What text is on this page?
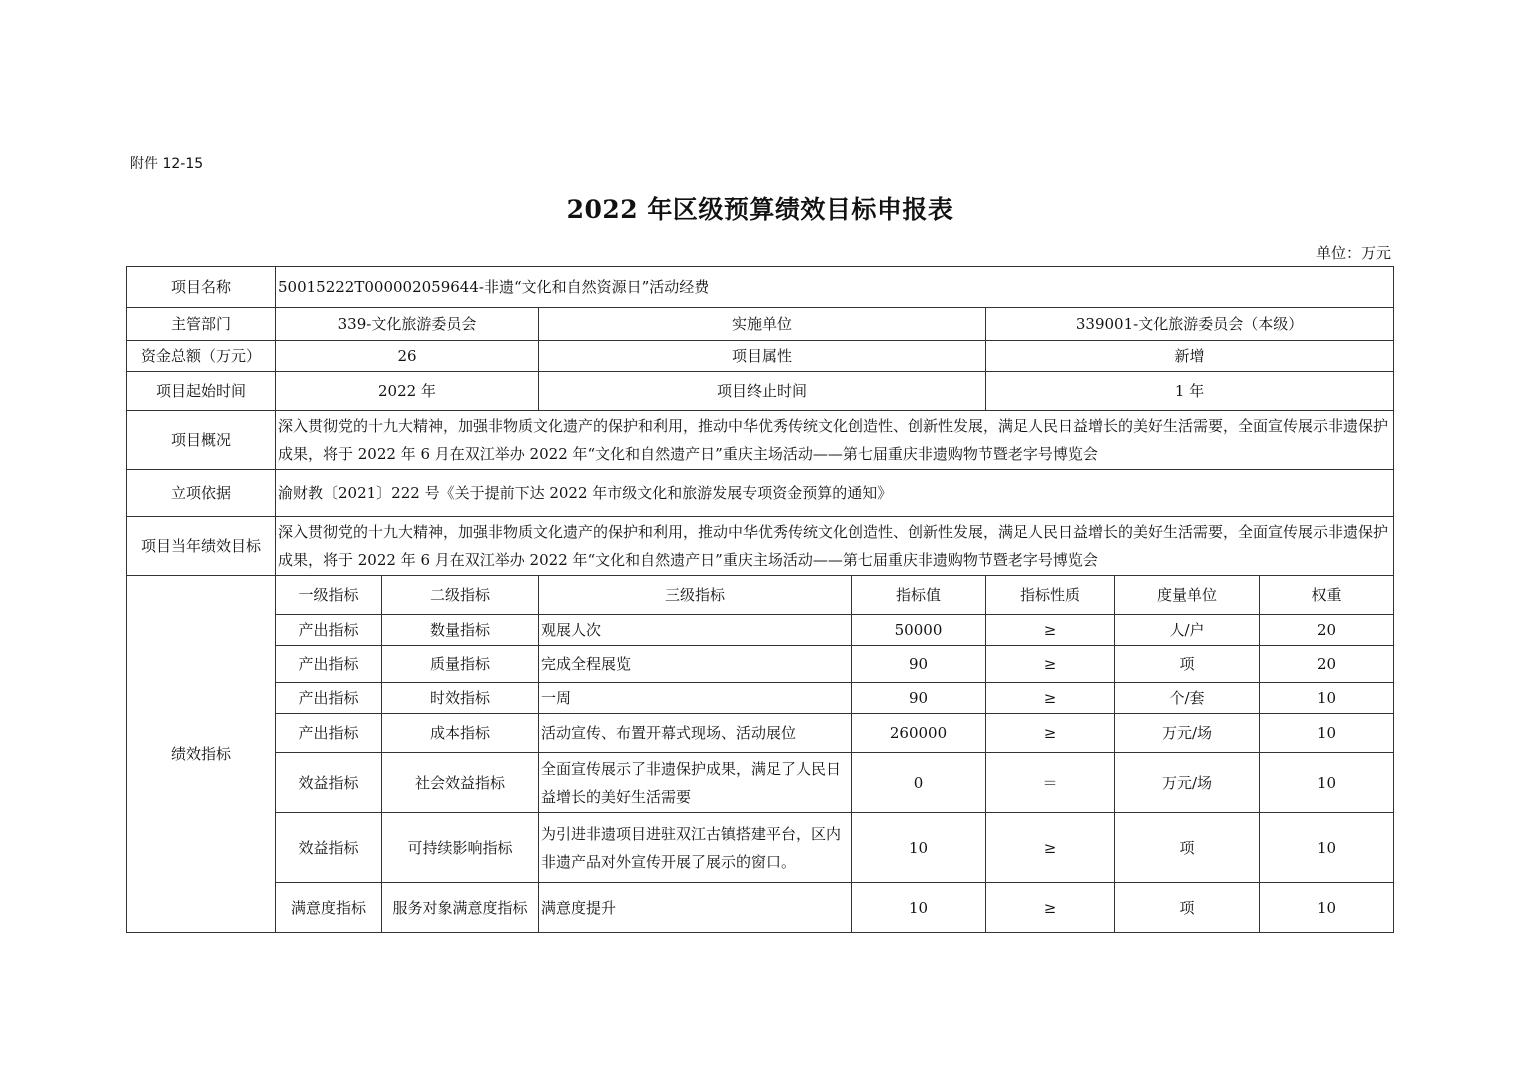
附件 12-15
2022 年区级预算绩效目标申报表
单位：万元
项目名称	50015222T000002059644-非遗“文化和自然资源日”活动经费						
主管部门	339-文化旅游委员会		实施单位		339001-文化旅游委员会（本级）		
资金总额（万元）	26		项目属性		新增		
项目起始时间	2022 年		项目终止时间		1 年		
项目概况	深入贯彻党的十九大精神，加强非物质文化遗产的保护和利用，推动中华优秀传统文化创造性、创新性发展，满足人民日益增长的美好生活需要，全面宣传展示非遗保护成果，将于 2022 年 6 月在双江举办 2022 年“文化和自然遗产日”重庆主场活动——第七届重庆非遗购物节暨老字号博览会						
立项依据	渝财教〔2021〕222 号《关于提前下达 2022 年市级文化和旅游发展专项资金预算的通知》						
项目当年绩效目标	深入贯彻党的十九大精神，加强非物质文化遗产的保护和利用，推动中华优秀传统文化创造性、创新性发展，满足人民日益增长的美好生活需要，全面宣传展示非遗保护成果，将于 2022 年 6 月在双江举办 2022 年“文化和自然遗产日”重庆主场活动——第七届重庆非遗购物节暨老字号博览会						
绩效指标	一级指标	二级指标	三级指标	指标值	指标性质	度量单位	权重
	产出指标	数量指标	观展人次	50000	≥	人/户	20
	产出指标	质量指标	完成全程展览	90	≥	项	20
	产出指标	时效指标	一周	90	≥	个/套	10
	产出指标	成本指标	活动宣传、布置开幕式现场、活动展位	260000	≥	万元/场	10
	效益指标	社会效益指标	全面宣传展示了非遗保护成果，满足了人民日益增长的美好生活需要	0	＝	万元/场	10
	效益指标	可持续影响指标	为引进非遗项目进驻双江古镇搭建平台，区内非遗产品对外宣传开展了展示的窗口。	10	≥	项	10
	满意度指标	服务对象满意度指标	满意度提升	10	≥	项	10
